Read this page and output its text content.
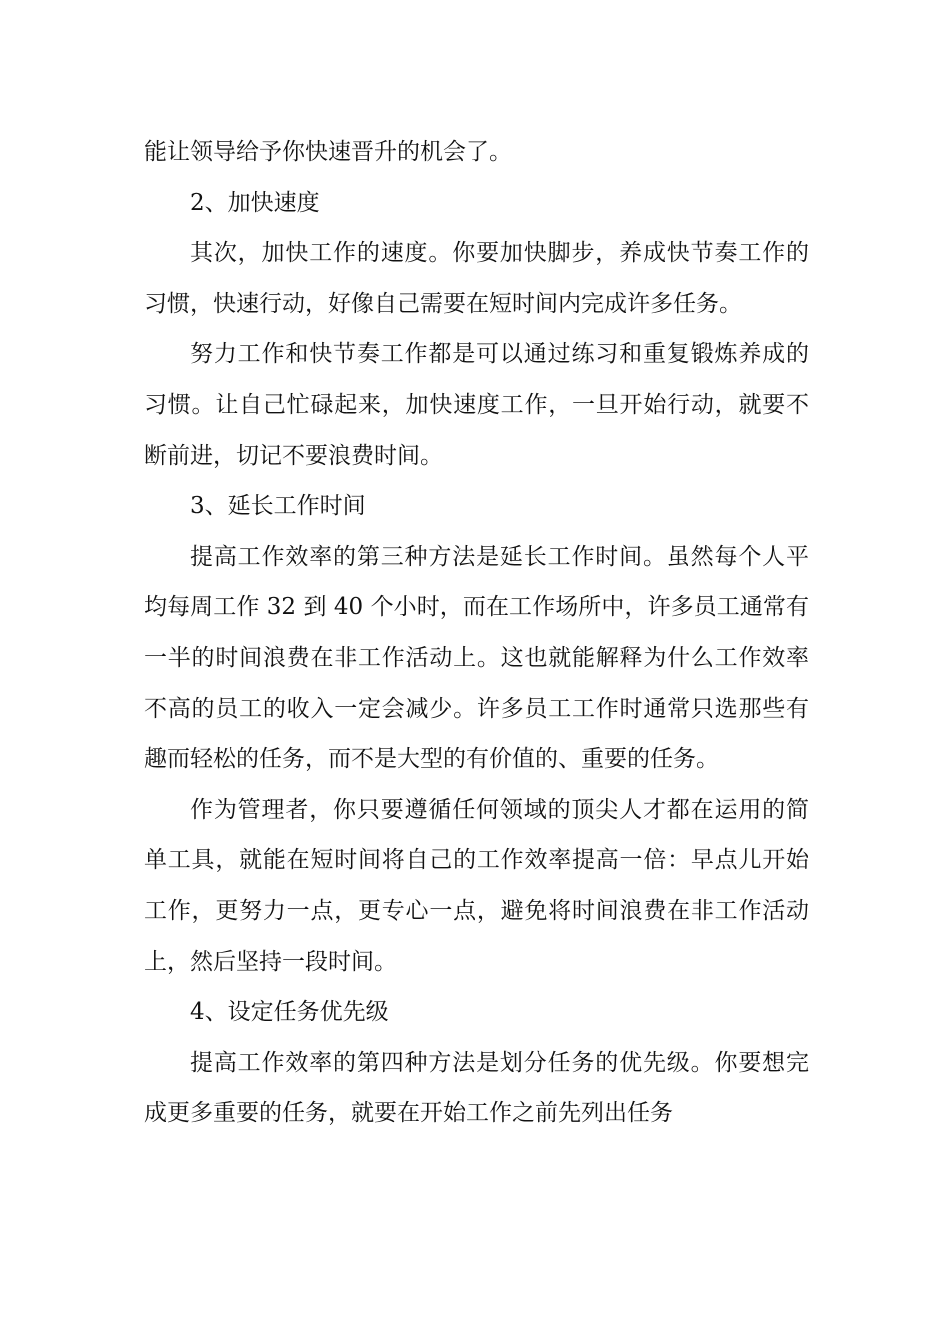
能让领导给予你快速晋升的机会了。

2、加快速度

其次，加快工作的速度。你要加快脚步，养成快节奏工作的习惯，快速行动，好像自己需要在短时间内完成许多任务。

努力工作和快节奏工作都是可以通过练习和重复锻炼养成的习惯。让自己忙碌起来，加快速度工作，一旦开始行动，就要不断前进，切记不要浪费时间。

3、延长工作时间

提高工作效率的第三种方法是延长工作时间。虽然每个人平均每周工作 32 到 40 个小时，而在工作场所中，许多员工通常有一半的时间浪费在非工作活动上。这也就能解释为什么工作效率不高的员工的收入一定会减少。许多员工工作时通常只选那些有趣而轻松的任务，而不是大型的有价值的、重要的任务。

作为管理者，你只要遵循任何领域的顶尖人才都在运用的简单工具，就能在短时间将自己的工作效率提高一倍：早点儿开始工作，更努力一点，更专心一点，避免将时间浪费在非工作活动上，然后坚持一段时间。

4、设定任务优先级

提高工作效率的第四种方法是划分任务的优先级。你要想完成更多重要的任务，就要在开始工作之前先列出任务
